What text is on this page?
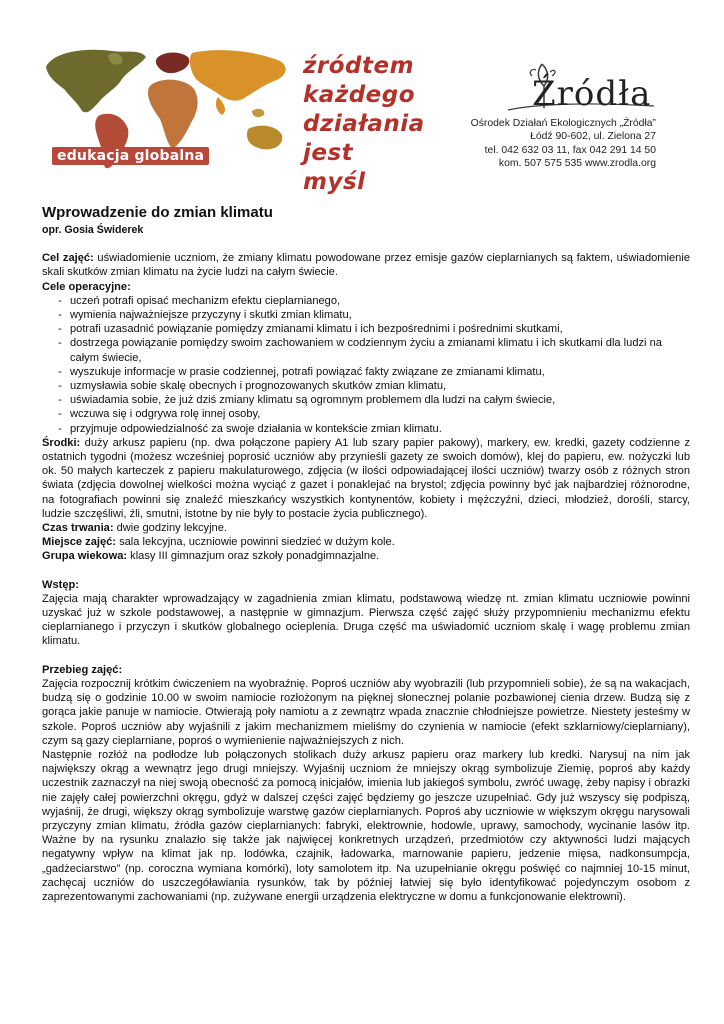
edukacja globalna
źródtem
każdego
działania
jest myśl
Źródła
Ośrodek Działań Ekologicznych „Źródła”
Łódź 90-602, ul. Zielona 27
tel. 042 632 03 11, fax 042 291 14 50
kom. 507 575 535 www.zrodla.org
Wprowadzenie do zmian klimatu
opr. Gosia Świderek

Cel zajęć: uświadomienie uczniom, że zmiany klimatu powodowane przez emisje gazów cieplarnianych są faktem, uświadomienie skali skutków zmian klimatu na życie ludzi na całym świecie.

Cele operacyjne:

- uczeń potrafi opisać mechanizm efektu cieplarnianego,
- wymienia najważniejsze przyczyny i skutki zmian klimatu,
- potrafi uzasadnić powiązanie pomiędzy zmianami klimatu i ich bezpośrednimi i pośrednimi skutkami,
- dostrzega powiązanie pomiędzy swoim zachowaniem w codziennym życiu a zmianami klimatu i ich skutkami dla ludzi na całym świecie,
- wyszukuje informacje w prasie codziennej, potrafi powiązać fakty związane ze zmianami klimatu,
- uzmysławia sobie skalę obecnych i prognozowanych skutków zmian klimatu,
- uświadamia sobie, że już dziś zmiany klimatu są ogromnym problemem dla ludzi na całym świecie,
- wczuwa się i odgrywa rolę innej osoby,
- przyjmuje odpowiedzialność za swoje działania w kontekście zmian klimatu.

Środki: duży arkusz papieru (np. dwa połączone papiery A1 lub szary papier pakowy), markery, ew. kredki, gazety codzienne z ostatnich tygodni (możesz wcześniej poprosić uczniów aby przynieśli gazety ze swoich domów), klej do papieru, ew. nożyczki lub ok. 50 małych karteczek z papieru makulaturowego, zdjęcia (w ilości odpowiadającej ilości uczniów) twarzy osób z różnych stron świata (zdjęcia dowolnej wielkości można wyciąć z gazet i ponaklejać na brystol; zdjęcia powinny być jak najbardziej różnorodne, na fotografiach powinni się znaleźć mieszkańcy wszystkich kontynentów, kobiety i mężczyźni, dzieci, młodzież, dorośli, starcy, ludzie szczęśliwi, źli, smutni, istotne by nie były to postacie życia publicznego).

Czas trwania: dwie godziny lekcyjne.

Miejsce zajęć: sala lekcyjna, uczniowie powinni siedzieć w dużym kole.

Grupa wiekowa: klasy III gimnazjum oraz szkoły ponadgimnazjalne.

Wstęp:

Zajęcia mają charakter wprowadzający w zagadnienia zmian klimatu, podstawową wiedzę nt. zmian klimatu uczniowie powinni uzyskać już w szkole podstawowej, a następnie w gimnazjum. Pierwsza część zajęć służy przypomnieniu mechanizmu efektu cieplarnianego i przyczyn i skutków globalnego ocieplenia. Druga część ma uświadomić uczniom skalę i wagę problemu zmian klimatu.

Przebieg zajęć:

Zajęcia rozpocznij krótkim ćwiczeniem na wyobraźnię. Poproś uczniów aby wyobrazili (lub przypomnieli sobie), że są na wakacjach, budzą się o godzinie 10.00 w swoim namiocie rozłożonym na pięknej słonecznej polanie pozbawionej cienia drzew. Budzą się z gorąca jakie panuje w namiocie. Otwierają poły namiotu a z zewnątrz wpada znacznie chłodniejsze powietrze. Niestety jesteśmy w szkole. Poproś uczniów aby wyjaśnili z jakim mechanizmem mieliśmy do czynienia w namiocie (efekt szklarniowy/cieplarniany), czym są gazy cieplarniane, poproś o wymienienie najważniejszych z nich.

Następnie rozłóż na podłodze lub połączonych stolikach duży arkusz papieru oraz markery lub kredki. Narysuj na nim jak największy okrąg a wewnątrz jego drugi mniejszy. Wyjaśnij uczniom że mniejszy okrąg symbolizuje Ziemię, poproś aby każdy uczestnik zaznaczył na niej swoją obecność za pomocą inicjałów, imienia lub jakiegoś symbolu, zwróć uwagę, żeby napisy i obrazki nie zajęły całej powierzchni okręgu, gdyż w dalszej części zajęć będziemy go jeszcze uzupełniać. Gdy już wszyscy się podpiszą, wyjaśnij, że drugi, większy okrąg symbolizuje warstwę gazów cieplarnianych. Poproś aby uczniowie w większym okręgu narysowali przyczyny zmian klimatu, źródła gazów cieplarnianych: fabryki, elektrownie, hodowle, uprawy, samochody, wycinanie lasów itp. Ważne by na rysunku znalazło się także jak najwięcej konkretnych urządzeń, przedmiotów czy aktywności ludzi mających negatywny wpływ na klimat jak np. lodówka, czajnik, ładowarka, marnowanie papieru, jedzenie mięsa, nadkonsumpcja, „gadżeciarstwo” (np. coroczna wymiana komórki), loty samolotem itp. Na uzupełnianie okręgu poświęć co najmniej 10-15 minut, zachęcaj uczniów do uszczegóławiania rysunków, tak by później łatwiej się było identyfikować pojedynczym osobom z zaprezentowanymi zachowaniami (np. zużywane energii urządzenia elektryczne w domu a funkcjonowanie elektrowni).
